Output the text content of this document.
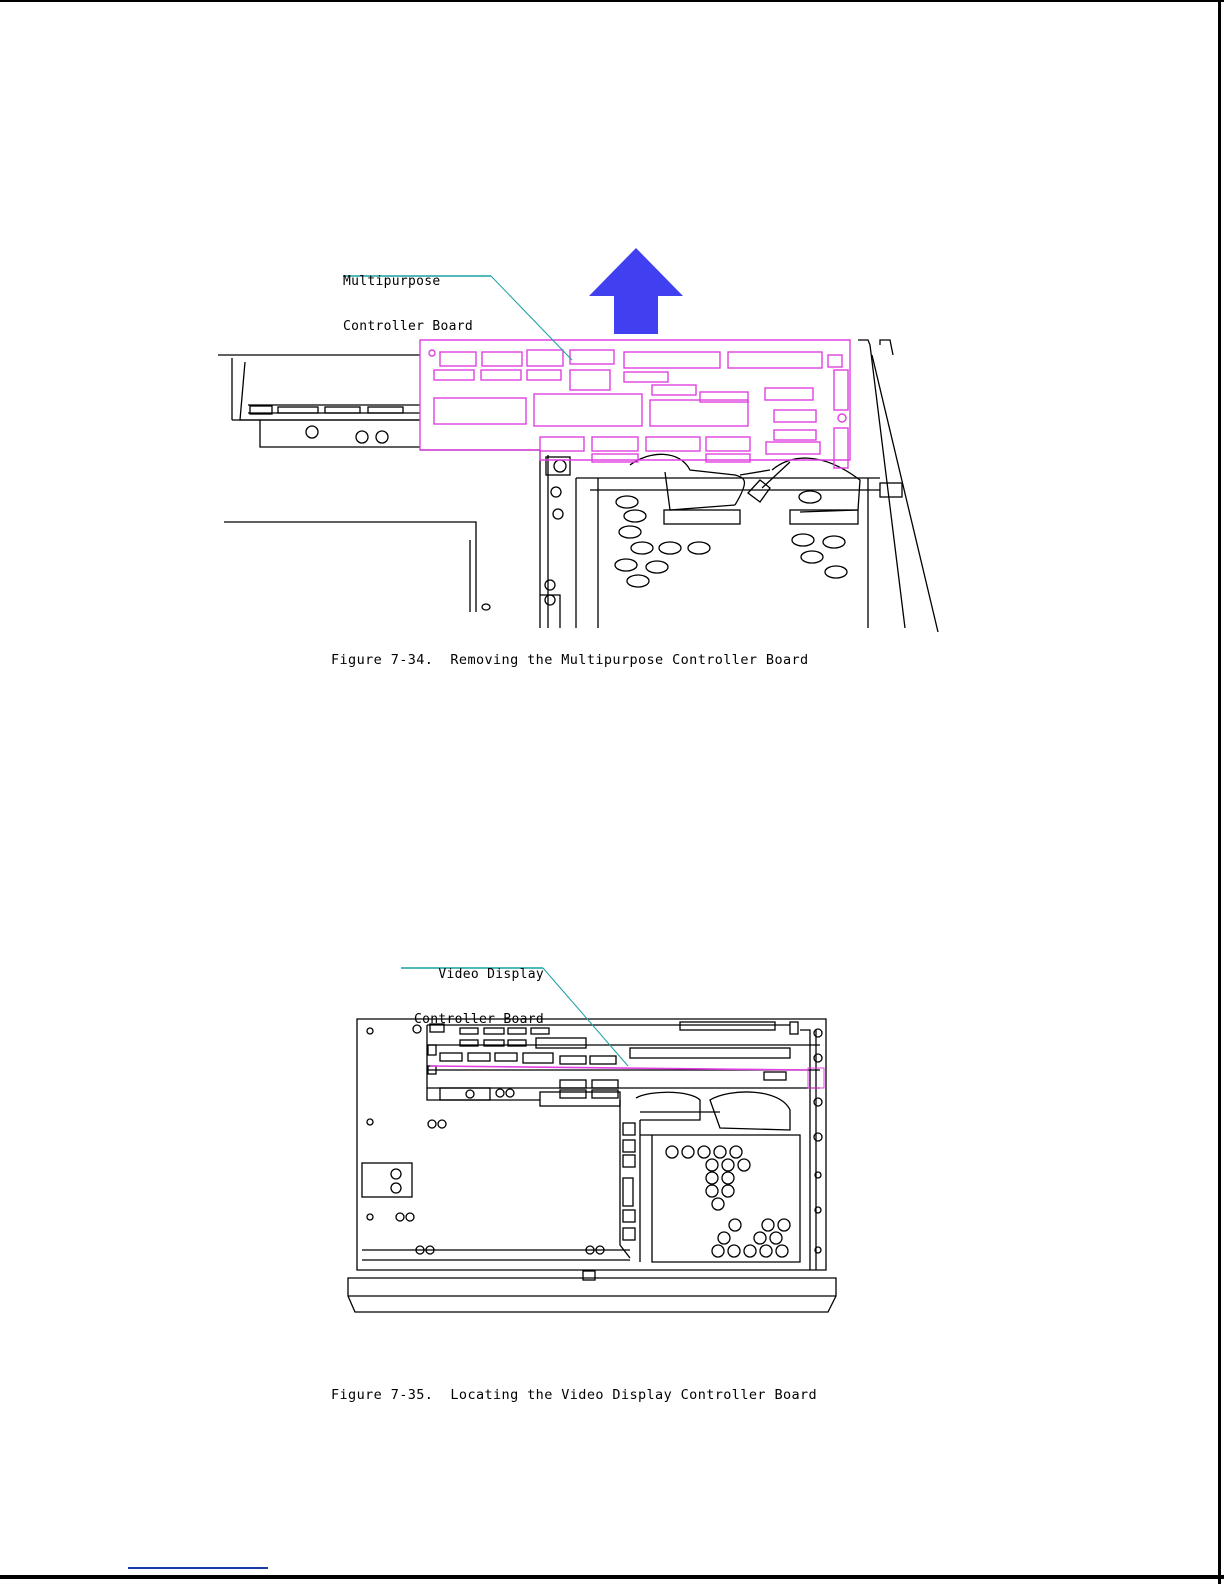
Multipurpose

Controller Board

Figure 7-34.  Removing the Multipurpose Controller Board

Video Display

Controller Board

Figure 7-35.  Locating the Video Display Controller Board
